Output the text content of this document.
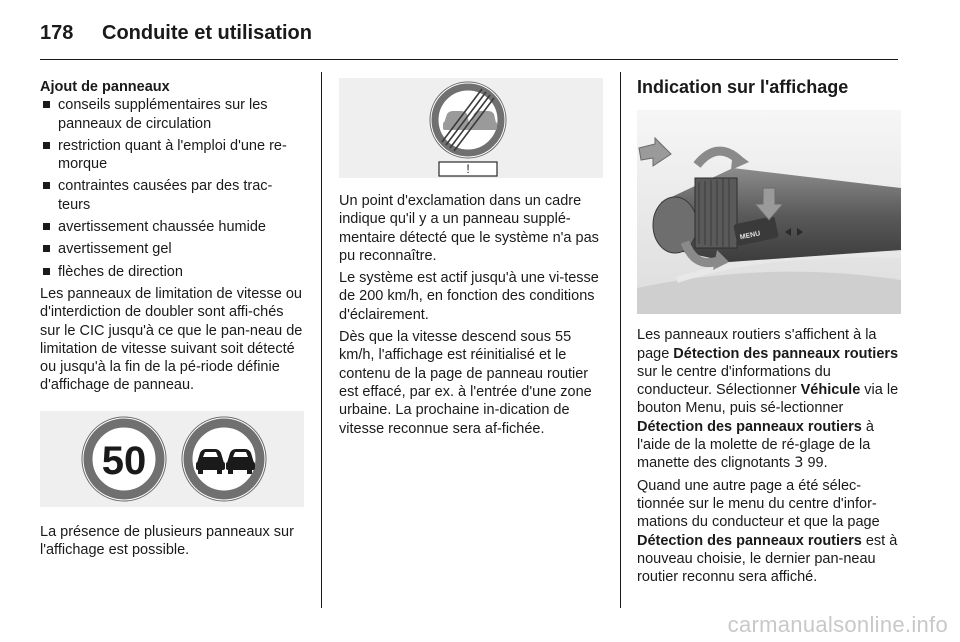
178	Conduite et utilisation
Ajout de panneaux
conseils supplémentaires sur les panneaux de circulation
restriction quant à l'emploi d'une re-morque
contraintes causées par des trac-teurs
avertissement chaussée humide
avertissement gel
flèches de direction

Les panneaux de limitation de vitesse ou d'interdiction de doubler sont affi-chés sur le CIC jusqu'à ce que le pan-neau de limitation de vitesse suivant soit détecté ou jusqu'à la fin de la pé-riode définie d'affichage de panneau.

50

La présence de plusieurs panneaux sur l'affichage est possible.

!

Un point d'exclamation dans un cadre indique qu'il y a un panneau supplé-mentaire détecté que le système n'a pas pu reconnaître.

Le système est actif jusqu'à une vi-tesse de 200 km/h, en fonction des conditions d'éclairement.

Dès que la vitesse descend sous 55 km/h, l'affichage est réinitialisé et le contenu de la page de panneau routier est effacé, par ex. à l'entrée d'une zone urbaine. La prochaine in-dication de vitesse reconnue sera af-fichée.

Indication sur l'affichage
MENU

Les panneaux routiers s'affichent à la page Détection des panneaux routiers sur le centre d'informations du conducteur. Sélectionner Véhicule via le bouton Menu, puis sé-lectionner Détection des panneaux routiers à l'aide de la molette de ré-glage de la manette des clignotants 3 99.

Quand une autre page a été sélec-tionnée sur le menu du centre d'infor-mations du conducteur et que la page Détection des panneaux routiers est à nouveau choisie, le dernier pan-neau routier reconnu sera affiché.

carmanualsonline.info
